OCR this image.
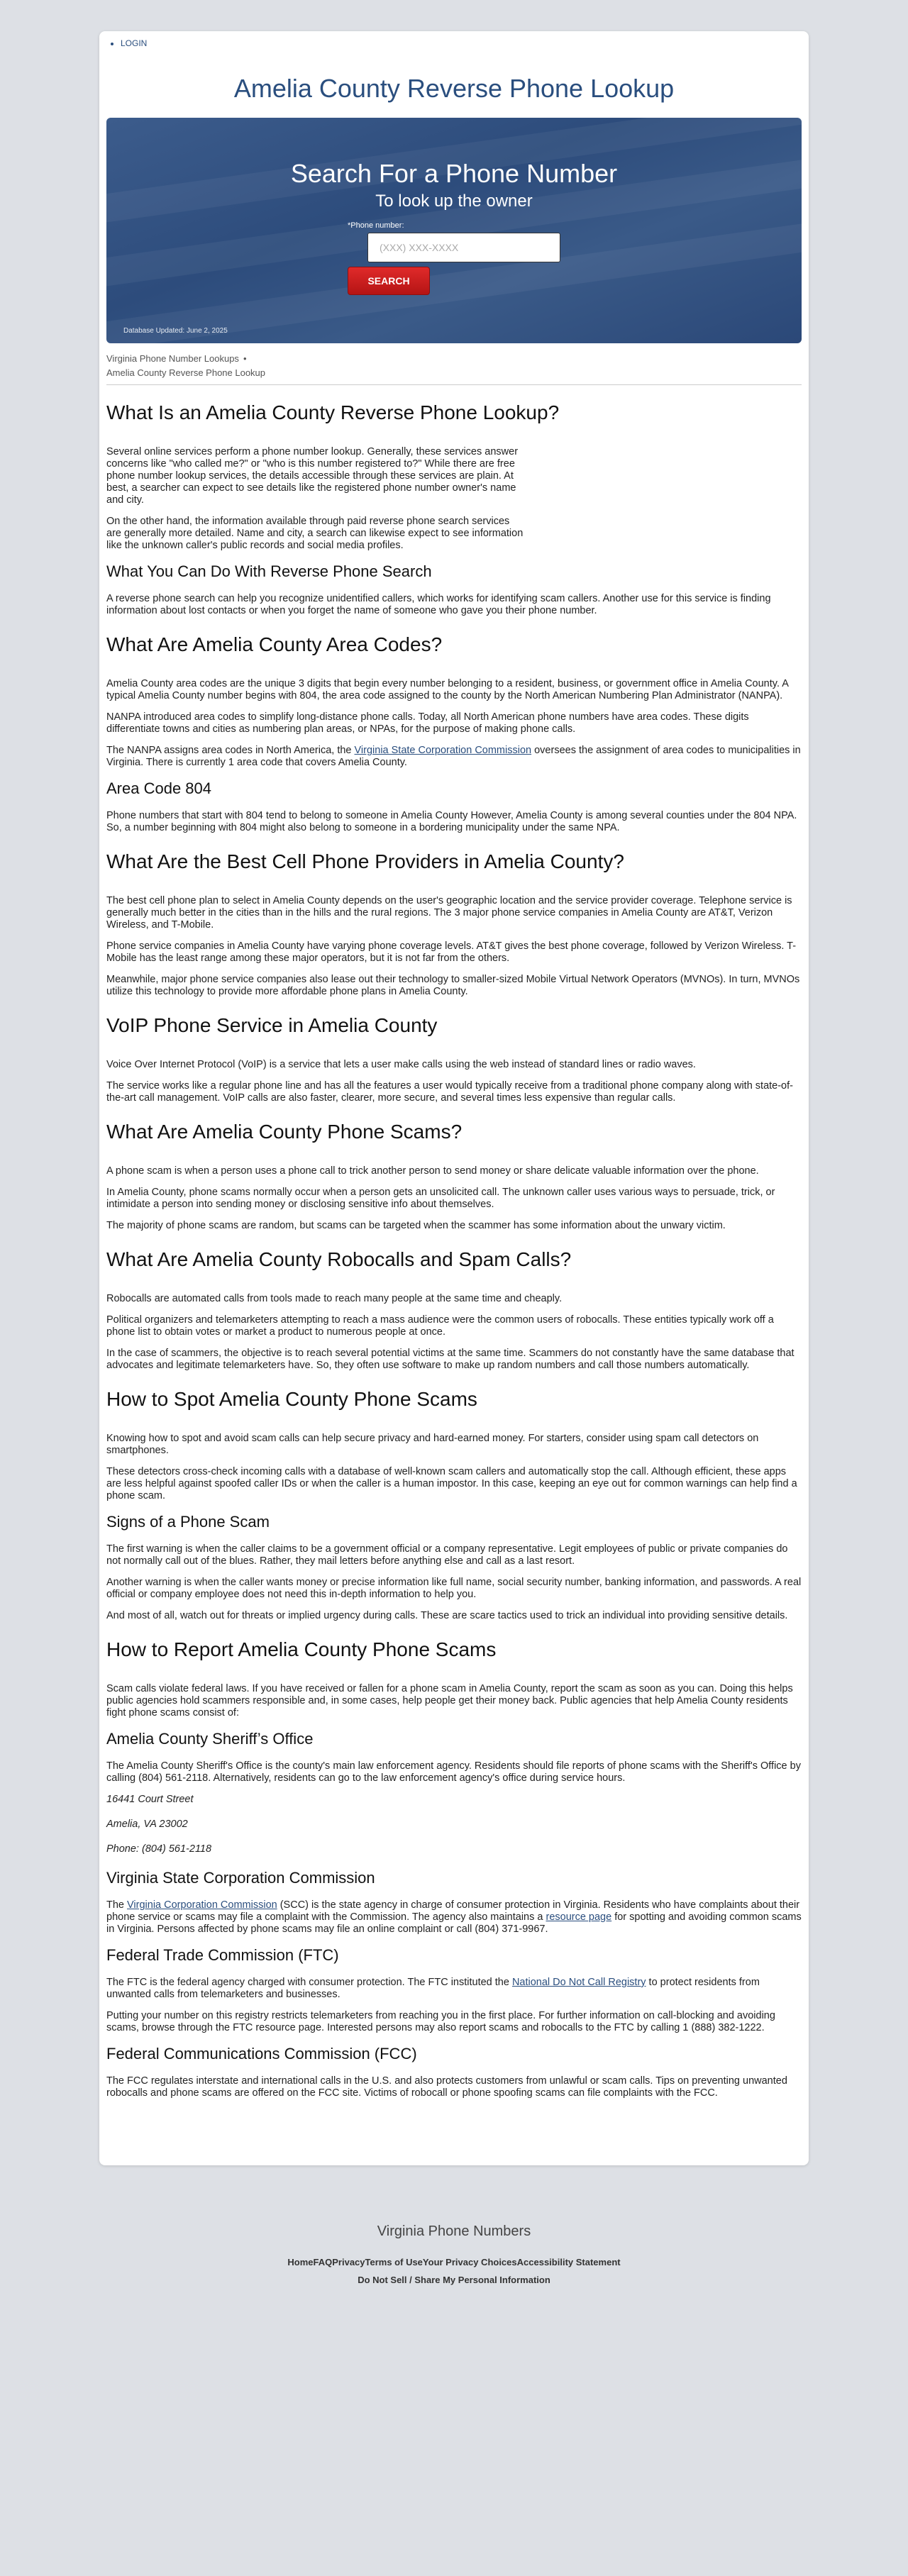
• LOGIN
Amelia County Reverse Phone Lookup
Search For a Phone Number
To look up the owner
*Phone number:
(XXX) XXX-XXXX SEARCH
Database Updated: June 2, 2025
Virginia Phone Number Lookups •
Amelia County Reverse Phone Lookup
What Is an Amelia County Reverse Phone Lookup?

Several online services perform a phone number lookup. Generally, these services answer concerns like "who called me?" or "who is this number registered to?" While there are free phone number lookup services, the details accessible through these services are plain. At best, a searcher can expect to see details like the registered phone number owner's name and city.

On the other hand, the information available through paid reverse phone search services are generally more detailed. Name and city, a search can likewise expect to see information like the unknown caller's public records and social media profiles.

What You Can Do With Reverse Phone Search

A reverse phone search can help you recognize unidentified callers, which works for identifying scam callers. Another use for this service is finding information about lost contacts or when you forget the name of someone who gave you their phone number.

What Are Amelia County Area Codes?

Amelia County area codes are the unique 3 digits that begin every number belonging to a resident, business, or government office in Amelia County. A typical Amelia County number begins with 804, the area code assigned to the county by the North American Numbering Plan Administrator (NANPA).

NANPA introduced area codes to simplify long-distance phone calls. Today, all North American phone numbers have area codes. These digits differentiate towns and cities as numbering plan areas, or NPAs, for the purpose of making phone calls.

The NANPA assigns area codes in North America, the Virginia State Corporation Commission oversees the assignment of area codes to municipalities in Virginia. There is currently 1 area code that covers Amelia County.

Area Code 804

Phone numbers that start with 804 tend to belong to someone in Amelia County However, Amelia County is among several counties under the 804 NPA. So, a number beginning with 804 might also belong to someone in a bordering municipality under the same NPA.

What Are the Best Cell Phone Providers in Amelia County?

The best cell phone plan to select in Amelia County depends on the user's geographic location and the service provider coverage. Telephone service is generally much better in the cities than in the hills and the rural regions. The 3 major phone service companies in Amelia County are AT&T, Verizon Wireless, and T-Mobile.

Phone service companies in Amelia County have varying phone coverage levels. AT&T gives the best phone coverage, followed by Verizon Wireless. T-Mobile has the least range among these major operators, but it is not far from the others.

Meanwhile, major phone service companies also lease out their technology to smaller-sized Mobile Virtual Network Operators (MVNOs). In turn, MVNOs utilize this technology to provide more affordable phone plans in Amelia County.

VoIP Phone Service in Amelia County

Voice Over Internet Protocol (VoIP) is a service that lets a user make calls using the web instead of standard lines or radio waves.

The service works like a regular phone line and has all the features a user would typically receive from a traditional phone company along with state-of-the-art call management. VoIP calls are also faster, clearer, more secure, and several times less expensive than regular calls.

What Are Amelia County Phone Scams?

A phone scam is when a person uses a phone call to trick another person to send money or share delicate valuable information over the phone.

In Amelia County, phone scams normally occur when a person gets an unsolicited call. The unknown caller uses various ways to persuade, trick, or intimidate a person into sending money or disclosing sensitive info about themselves.

The majority of phone scams are random, but scams can be targeted when the scammer has some information about the unwary victim.

What Are Amelia County Robocalls and Spam Calls?

Robocalls are automated calls from tools made to reach many people at the same time and cheaply.

Political organizers and telemarketers attempting to reach a mass audience were the common users of robocalls. These entities typically work off a phone list to obtain votes or market a product to numerous people at once.

In the case of scammers, the objective is to reach several potential victims at the same time. Scammers do not constantly have the same database that advocates and legitimate telemarketers have. So, they often use software to make up random numbers and call those numbers automatically.

How to Spot Amelia County Phone Scams

Knowing how to spot and avoid scam calls can help secure privacy and hard-earned money. For starters, consider using spam call detectors on smartphones.

These detectors cross-check incoming calls with a database of well-known scam callers and automatically stop the call. Although efficient, these apps are less helpful against spoofed caller IDs or when the caller is a human impostor. In this case, keeping an eye out for common warnings can help find a phone scam.

Signs of a Phone Scam

The first warning is when the caller claims to be a government official or a company representative. Legit employees of public or private companies do not normally call out of the blues. Rather, they mail letters before anything else and call as a last resort.

Another warning is when the caller wants money or precise information like full name, social security number, banking information, and passwords. A real official or company employee does not need this in-depth information to help you.

And most of all, watch out for threats or implied urgency during calls. These are scare tactics used to trick an individual into providing sensitive details.

How to Report Amelia County Phone Scams

Scam calls violate federal laws. If you have received or fallen for a phone scam in Amelia County, report the scam as soon as you can. Doing this helps public agencies hold scammers responsible and, in some cases, help people get their money back. Public agencies that help Amelia County residents fight phone scams consist of:

Amelia County Sheriff’s Office

The Amelia County Sheriff's Office is the county's main law enforcement agency. Residents should file reports of phone scams with the Sheriff's Office by calling (804) 561-2118. Alternatively, residents can go to the law enforcement agency's office during service hours.

16441 Court Street

Amelia, VA 23002

Phone: (804) 561-2118

Virginia State Corporation Commission

The Virginia Corporation Commission (SCC) is the state agency in charge of consumer protection in Virginia. Residents who have complaints about their phone service or scams may file a complaint with the Commission. The agency also maintains a resource page for spotting and avoiding common scams in Virginia. Persons affected by phone scams may file an online complaint or call (804) 371-9967.

Federal Trade Commission (FTC)

The FTC is the federal agency charged with consumer protection. The FTC instituted the National Do Not Call Registry to protect residents from unwanted calls from telemarketers and businesses.

Putting your number on this registry restricts telemarketers from reaching you in the first place. For further information on call-blocking and avoiding scams, browse through the FTC resource page. Interested persons may also report scams and robocalls to the FTC by calling 1 (888) 382-1222.

Federal Communications Commission (FCC)

The FCC regulates interstate and international calls in the U.S. and also protects customers from unlawful or scam calls. Tips on preventing unwanted robocalls and phone scams are offered on the FCC site. Victims of robocall or phone spoofing scams can file complaints with the FCC.

Virginia Phone Numbers
HomeFAQPrivacyTerms of UseYour Privacy ChoicesAccessibility Statement
Do Not Sell / Share My Personal Information
